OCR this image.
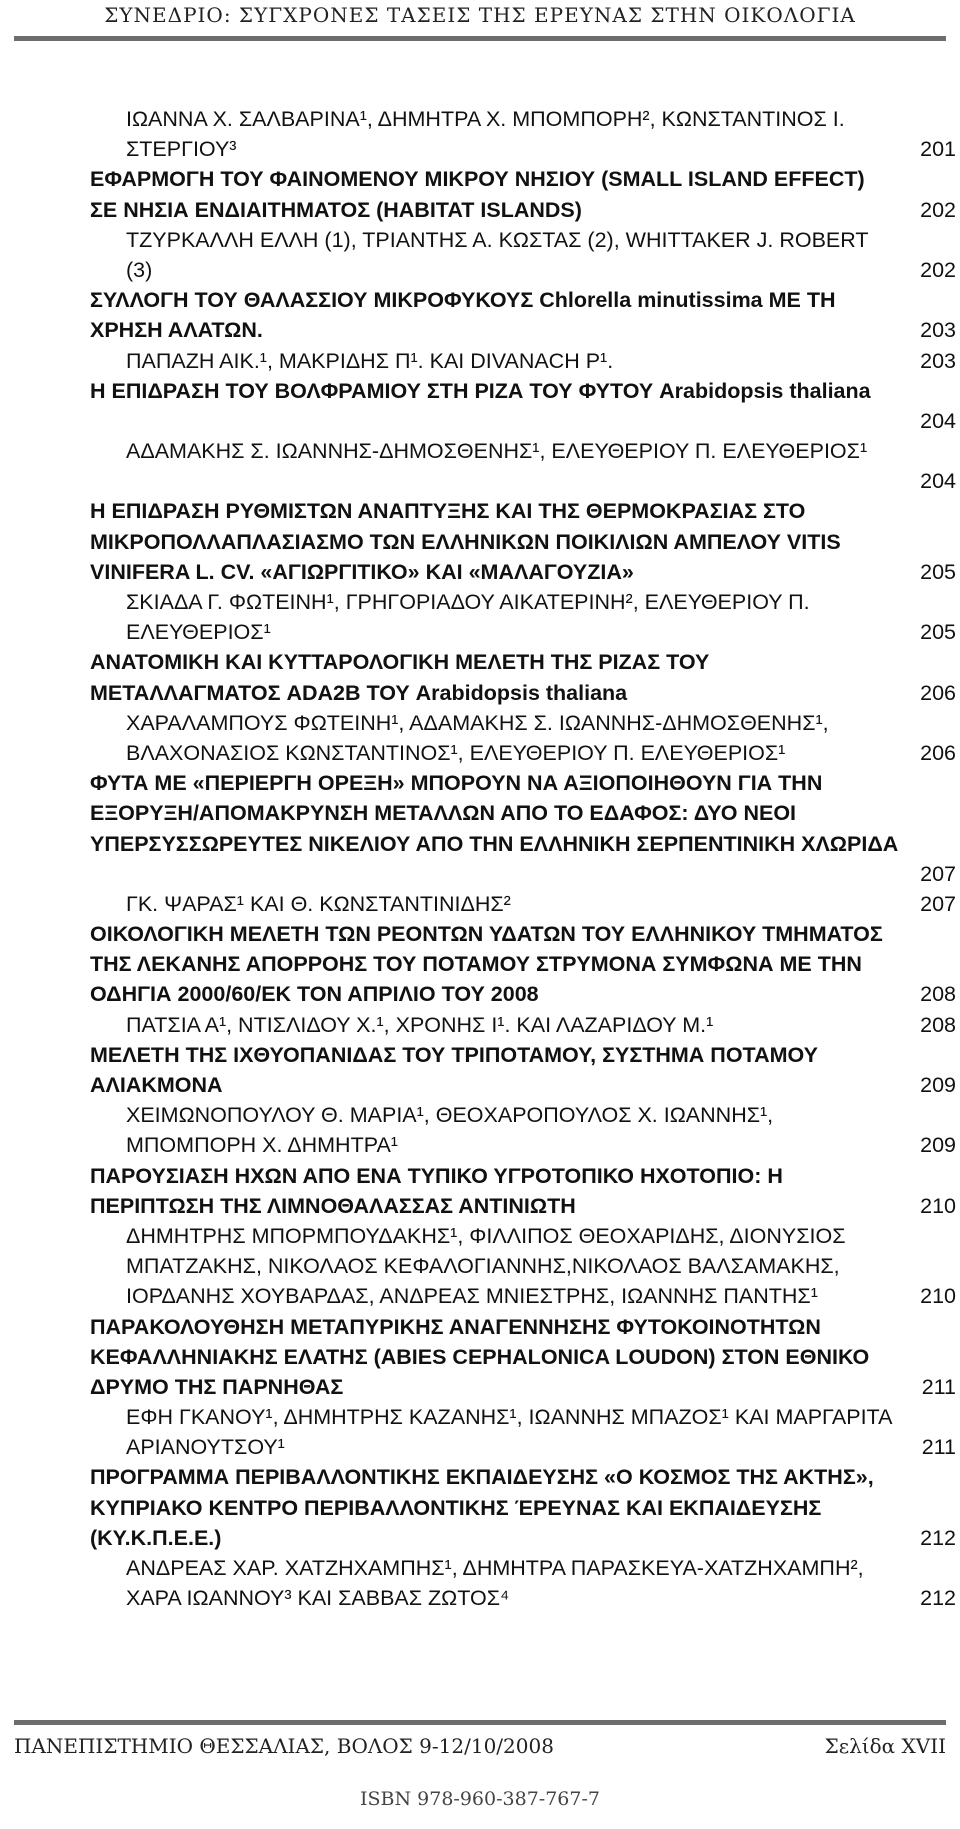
ΣΥΝΕΔΡΙΟ: ΣΥΓΧΡΟΝΕΣ ΤΑΣΕΙΣ ΤΗΣ ΕΡΕΥΝΑΣ ΣΤΗΝ ΟΙΚΟΛΟΓΙΑ
ΙΩΑΝΝΑ Χ. ΣΑΛΒΑΡΙΝΑ¹, ΔΗΜΗΤΡΑ Χ. ΜΠΟΜΠΟΡΗ², ΚΩΝΣΤΑΝΤΙΝΟΣ Ι.
ΣΤΕΡΓΙΟΥ³	201
ΕΦΑΡΜΟΓΗ ΤΟΥ ΦΑΙΝΟΜΕΝΟΥ ΜΙΚΡΟΥ ΝΗΣΙΟΥ (SMALL ISLAND EFFECT)
ΣΕ ΝΗΣΙΑ ΕΝΔΙΑΙΤΗΜΑΤΟΣ (HABITAT ISLANDS)	202
ΤΖΥΡΚΑΛΛΗ ΕΛΛΗ (1), ΤΡΙΑΝΤΗΣ Α. ΚΩΣΤΑΣ (2), WHITTAKER J. ROBERT
(3)	202
ΣΥΛΛΟΓΗ ΤΟΥ ΘΑΛΑΣΣΙΟΥ ΜΙΚΡΟΦΥΚΟΥΣ Chlorella minutissima ΜΕ ΤΗ
ΧΡΗΣΗ ΑΛΑΤΩΝ.	203
ΠΑΠΑΖΗ ΑΙΚ.¹, ΜΑΚΡΙΔΗΣ Π¹. ΚΑΙ DIVANACH P¹.	203
Η ΕΠΙΔΡΑΣΗ ΤΟΥ ΒΟΛΦΡΑΜΙΟΥ ΣΤΗ ΡΙΖΑ ΤΟΥ ΦΥΤΟΥ Arabidopsis thaliana
204
ΑΔΑΜΑΚΗΣ Σ. ΙΩΑΝΝΗΣ-ΔΗΜΟΣΘΕΝΗΣ¹, ΕΛΕΥΘΕΡΙΟΥ Π. ΕΛΕΥΘΕΡΙΟΣ¹
204
Η ΕΠΙΔΡΑΣΗ ΡΥΘΜΙΣΤΩΝ ΑΝΑΠΤΥΞΗΣ ΚΑΙ ΤΗΣ ΘΕΡΜΟΚΡΑΣΙΑΣ ΣΤΟ
ΜΙΚΡΟΠΟΛΛΑΠΛΑΣΙΑΣΜΟ ΤΩΝ ΕΛΛΗΝΙΚΩΝ ΠΟΙΚΙΛΙΩΝ ΑΜΠΕΛΟΥ VITIS
VINIFERA L. CV. «ΑΓΙΩΡΓΙΤΙΚΟ» ΚΑΙ «ΜΑΛΑΓΟΥΖΙΑ»	205
ΣΚΙΑΔΑ Γ. ΦΩΤΕΙΝΗ¹, ΓΡΗΓΟΡΙΑΔΟΥ ΑΙΚΑΤΕΡΙΝΗ², ΕΛΕΥΘΕΡΙΟΥ Π.
ΕΛΕΥΘΕΡΙΟΣ¹	205
ΑΝΑΤΟΜΙΚΗ ΚΑΙ ΚΥΤΤΑΡΟΛΟΓΙΚΗ ΜΕΛΕΤΗ ΤΗΣ ΡΙΖΑΣ ΤΟΥ
ΜΕΤΑΛΛΑΓΜΑΤΟΣ ADA2B ΤΟΥ Arabidopsis thaliana	206
ΧΑΡΑΛΑΜΠΟΥΣ ΦΩΤΕΙΝΗ¹, ΑΔΑΜΑΚΗΣ Σ. ΙΩΑΝΝΗΣ-ΔΗΜΟΣΘΕΝΗΣ¹,
ΒΛΑΧΟΝΑΣΙΟΣ ΚΩΝΣΤΑΝΤΙΝΟΣ¹, ΕΛΕΥΘΕΡΙΟΥ Π. ΕΛΕΥΘΕΡΙΟΣ¹	206
ΦΥΤΑ ΜΕ «ΠΕΡΙΕΡΓΗ ΟΡΕΞΗ» ΜΠΟΡΟΥΝ ΝΑ ΑΞΙΟΠΟΙΗΘΟΥΝ ΓΙΑ ΤΗΝ
ΕΞΟΡΥΞΗ/ΑΠΟΜΑΚΡΥΝΣΗ ΜΕΤΑΛΛΩΝ ΑΠΟ ΤΟ ΕΔΑΦΟΣ: ΔΥΟ ΝΕΟΙ
ΥΠΕΡΣΥΣΣΩΡΕΥΤΕΣ ΝΙΚΕΛΙΟΥ ΑΠΟ ΤΗΝ ΕΛΛΗΝΙΚΗ ΣΕΡΠΕΝΤΙΝΙΚΗ ΧΛΩΡΙΔΑ
207
ΓΚ. ΨΑΡΑΣ¹ ΚΑΙ Θ. ΚΩΝΣΤΑΝΤΙΝΙΔΗΣ²	207
ΟΙΚΟΛΟΓΙΚΗ ΜΕΛΕΤΗ ΤΩΝ ΡΕΟΝΤΩΝ ΥΔΑΤΩΝ ΤΟΥ ΕΛΛΗΝΙΚΟΥ ΤΜΗΜΑΤΟΣ
ΤΗΣ ΛΕΚΑΝΗΣ ΑΠΟΡΡΟΗΣ ΤΟΥ ΠΟΤΑΜΟΥ ΣΤΡΥΜΟΝΑ ΣΥΜΦΩΝΑ ΜΕ ΤΗΝ
ΟΔΗΓΙΑ 2000/60/ΕΚ ΤΟΝ ΑΠΡΙΛΙΟ ΤΟΥ 2008	208
ΠΑΤΣΙΑ Α¹, ΝΤΙΣΛΙΔΟΥ Χ.¹, ΧΡΟΝΗΣ Ι¹. ΚΑΙ ΛΑΖΑΡΙΔΟΥ Μ.¹	208
ΜΕΛΕΤΗ ΤΗΣ ΙΧΘΥΟΠΑΝΙΔΑΣ ΤΟΥ ΤΡΙΠΟΤΑΜΟΥ, ΣΥΣΤΗΜΑ ΠΟΤΑΜΟΥ
ΑΛΙΑΚΜΟΝΑ	209
ΧΕΙΜΩΝΟΠΟΥΛΟΥ Θ. ΜΑΡΙΑ¹, ΘΕΟΧΑΡΟΠΟΥΛΟΣ Χ. ΙΩΑΝΝΗΣ¹,
ΜΠΟΜΠΟΡΗ Χ. ΔΗΜΗΤΡΑ¹	209
ΠΑΡΟΥΣΙΑΣΗ ΗΧΩΝ ΑΠΟ ΕΝΑ ΤΥΠΙΚΟ ΥΓΡΟΤΟΠΙΚΟ ΗΧΟΤΟΠΙΟ: Η
ΠΕΡΙΠΤΩΣΗ ΤΗΣ ΛΙΜΝΟΘΑΛΑΣΣΑΣ ΑΝΤΙΝΙΩΤΗ	210
ΔΗΜΗΤΡΗΣ ΜΠΟΡΜΠΟΥΔΑΚΗΣ¹, ΦΙΛΛΙΠΟΣ ΘΕΟΧΑΡΙΔΗΣ, ΔΙΟΝΥΣΙΟΣ
ΜΠΑΤΖΑΚΗΣ, ΝΙΚΟΛΑΟΣ ΚΕΦΑΛΟΓΙΑΝΝΗΣ,ΝΙΚΟΛΑΟΣ ΒΑΛΣΑΜΑΚΗΣ,
ΙΟΡΔΑΝΗΣ ΧΟΥΒΑΡΔΑΣ, ΑΝΔΡΕΑΣ ΜΝΙΕΣΤΡΗΣ, ΙΩΑΝΝΗΣ ΠΑΝΤΗΣ¹	210
ΠΑΡΑΚΟΛΟΥΘΗΣΗ ΜΕΤΑΠΥΡΙΚΗΣ ΑΝΑΓΕΝΝΗΣΗΣ ΦΥΤΟΚΟΙΝΟΤΗΤΩΝ
ΚΕΦΑΛΛΗΝΙΑΚΗΣ ΕΛΑΤΗΣ (ABIES CEPHALONICA LOUDON) ΣΤΟΝ ΕΘΝΙΚΟ
ΔΡΥΜΟ ΤΗΣ ΠΑΡΝΗΘΑΣ	211
ΕΦΗ ΓΚΑΝΟΥ¹, ΔΗΜΗΤΡΗΣ ΚΑΖΑΝΗΣ¹, ΙΩΑΝΝΗΣ ΜΠΑΖΟΣ¹ ΚΑΙ ΜΑΡΓΑΡΙΤΑ
ΑΡΙΑΝΟΥΤΣΟΥ¹	211
ΠΡΟΓΡΑΜΜΑ ΠΕΡΙΒΑΛΛΟΝΤΙΚΗΣ ΕΚΠΑΙΔΕΥΣΗΣ «Ο ΚΟΣΜΟΣ ΤΗΣ ΑΚΤΗΣ»,
ΚΥΠΡΙΑΚΟ ΚΕΝΤΡΟ ΠΕΡΙΒΑΛΛΟΝΤΙΚΗΣ ΈΡΕΥΝΑΣ ΚΑΙ ΕΚΠΑΙΔΕΥΣΗΣ
(ΚΥ.Κ.Π.Ε.Ε.)	212
ΑΝΔΡΕΑΣ ΧΑΡ. ΧΑΤΖΗΧΑΜΠΗΣ¹, ΔΗΜΗΤΡΑ ΠΑΡΑΣΚΕΥΑ-ΧΑΤΖΗΧΑΜΠΗ²,
ΧΑΡΑ ΙΩΑΝΝΟΥ³ ΚΑΙ ΣΑΒΒΑΣ ΖΩΤΟΣ⁴	212
ΠΑΝΕΠΙΣΤΗΜΙΟ ΘΕΣΣΑΛΙΑΣ, ΒΟΛΟΣ 9-12/10/2008	Σελίδα XVII
ISBN 978-960-387-767-7
